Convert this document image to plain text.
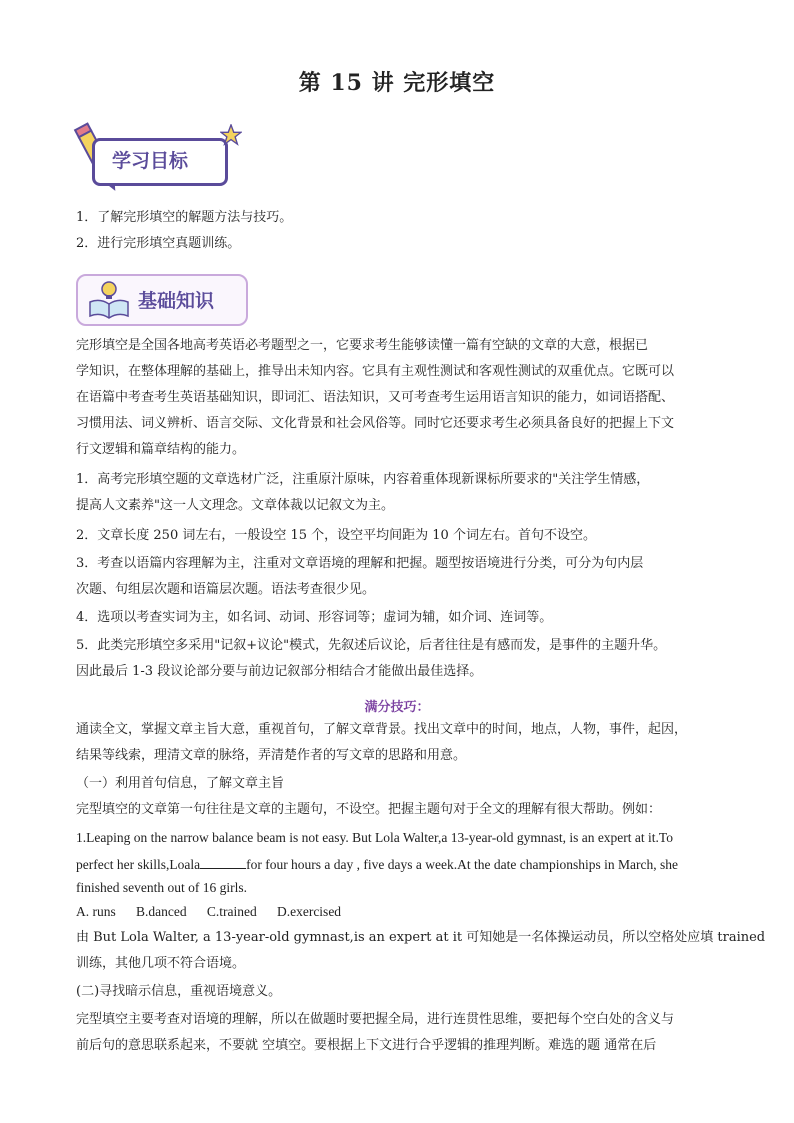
第 15 讲 完形填空
学习目标
1．了解完形填空的解题方法与技巧。
2．进行完形填空真题训练。
基础知识
完形填空是全国各地高考英语必考题型之一，它要求考生能够读懂一篇有空缺的文章的大意，根据已
学知识，在整体理解的基础上，推导出未知内容。它具有主观性测试和客观性测试的双重优点。它既可以
在语篇中考查考生英语基础知识，即词汇、语法知识，又可考查考生运用语言知识的能力，如词语搭配、
习惯用法、词义辨析、语言交际、文化背景和社会风俗等。同时它还要求考生必须具备良好的把握上下文
行文逻辑和篇章结构的能力。
1．高考完形填空题的文章选材广泛，注重原汁原味，内容着重体现新课标所要求的"关注学生情感，
提高人文素养"这一人文理念。文章体裁以记叙文为主。
2．文章长度 250 词左右，一般设空 15 个，设空平均间距为 10 个词左右。首句不设空。
3．考查以语篇内容理解为主，注重对文章语境的理解和把握。题型按语境进行分类，可分为句内层
次题、句组层次题和语篇层次题。语法考查很少见。
4．选项以考查实词为主，如名词、动词、形容词等；虚词为辅，如介词、连词等。
5．此类完形填空多采用"记叙+议论"模式，先叙述后议论，后者往往是有感而发，是事件的主题升华。
因此最后 1-3 段议论部分要与前边记叙部分相结合才能做出最佳选择。
满分技巧：
通读全文，掌握文章主旨大意，重视首句，了解文章背景。找出文章中的时间，地点，人物，事件，起因，
结果等线索，理清文章的脉络，弄清楚作者的写文章的思路和用意。
（一）利用首句信息，了解文章主旨
完型填空的文章第一句往往是文章的主题句，不设空。把握主题句对于全文的理解有很大帮助。例如：
1.Leaping on the narrow balance beam is not easy. But Lola Walter,a 13-year-old gymnast, is an expert at it.To
perfect her skills,Loala	for four hours a day , five days a week.At the date championships in March, she
finished seventh out of 16 girls.
A. runs      B.danced      C.trained      D.exercised
由 But Lola Walter, a 13-year-old gymnast,is an expert at it 可知她是一名体操运动员，所以空格处应填 trained
训练，其他几项不符合语境。
(二)寻找暗示信息，重视语境意义。
完型填空主要考查对语境的理解，所以在做题时要把握全局，进行连贯性思维，要把每个空白处的含义与
前后句的意思联系起来，不要就 空填空。要根据上下文进行合乎逻辑的推理判断。难选的题 通常在后
